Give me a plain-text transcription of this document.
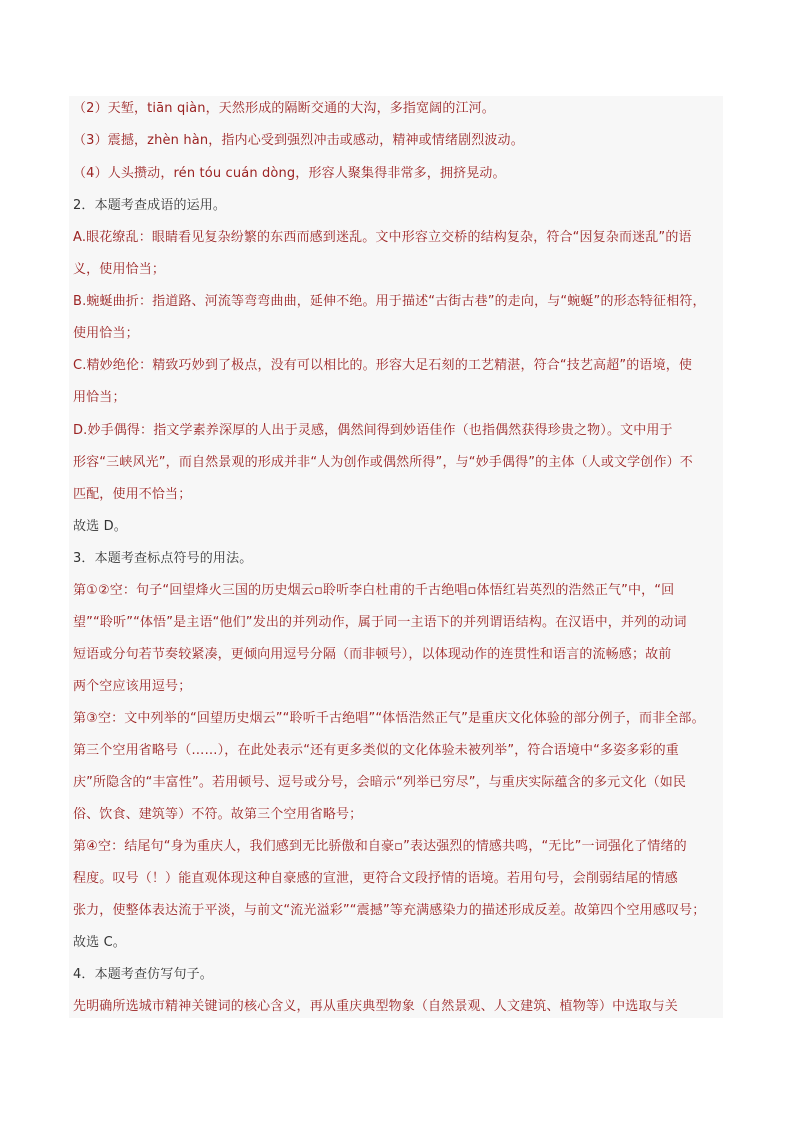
（2）天堑，tiān qiàn，天然形成的隔断交通的大沟，多指宽阔的江河。
（3）震撼，zhèn hàn，指内心受到强烈冲击或感动，精神或情绪剧烈波动。
（4）人头攒动，rén tóu cuán dòng，形容人聚集得非常多，拥挤晃动。
2．本题考查成语的运用。
A.眼花缭乱：眼睛看见复杂纷繁的东西而感到迷乱。文中形容立交桥的结构复杂，符合“因复杂而迷乱”的语
义，使用恰当；
B.蜿蜒曲折：指道路、河流等弯弯曲曲，延伸不绝。用于描述“古街古巷”的走向，与“蜿蜒”的形态特征相符，
使用恰当；
C.精妙绝伦：精致巧妙到了极点，没有可以相比的。形容大足石刻的工艺精湛，符合“技艺高超”的语境，使
用恰当；
D.妙手偶得：指文学素养深厚的人出于灵感，偶然间得到妙语佳作（也指偶然获得珍贵之物）。文中用于
形容“三峡风光”，而自然景观的形成并非“人为创作或偶然所得”，与“妙手偶得”的主体（人或文学创作）不
匹配，使用不恰当；
故选 D。
3．本题考查标点符号的用法。
第①②空：句子“回望烽火三国的历史烟云▫聆听李白杜甫的千古绝唱▫体悟红岩英烈的浩然正气”中，“回
望”“聆听”“体悟”是主语“他们”发出的并列动作，属于同一主语下的并列谓语结构。在汉语中，并列的动词
短语或分句若节奏较紧凑，更倾向用逗号分隔（而非顿号），以体现动作的连贯性和语言的流畅感；故前
两个空应该用逗号；
第③空：文中列举的“回望历史烟云”“聆听千古绝唱”“体悟浩然正气”是重庆文化体验的部分例子，而非全部。
第三个空用省略号（……），在此处表示“还有更多类似的文化体验未被列举”，符合语境中“多姿多彩的重
庆”所隐含的“丰富性”。若用顿号、逗号或分号，会暗示“列举已穷尽”，与重庆实际蕴含的多元文化（如民
俗、饮食、建筑等）不符。故第三个空用省略号；
第④空：结尾句“身为重庆人，我们感到无比骄傲和自豪▫”表达强烈的情感共鸣，“无比”一词强化了情绪的
程度。叹号（！）能直观体现这种自豪感的宣泄，更符合文段抒情的语境。若用句号，会削弱结尾的情感
张力，使整体表达流于平淡，与前文“流光溢彩”“震撼”等充满感染力的描述形成反差。故第四个空用感叹号；
故选 C。
4．本题考查仿写句子。
先明确所选城市精神关键词的核心含义，再从重庆典型物象（自然景观、人文建筑、植物等）中选取与关
